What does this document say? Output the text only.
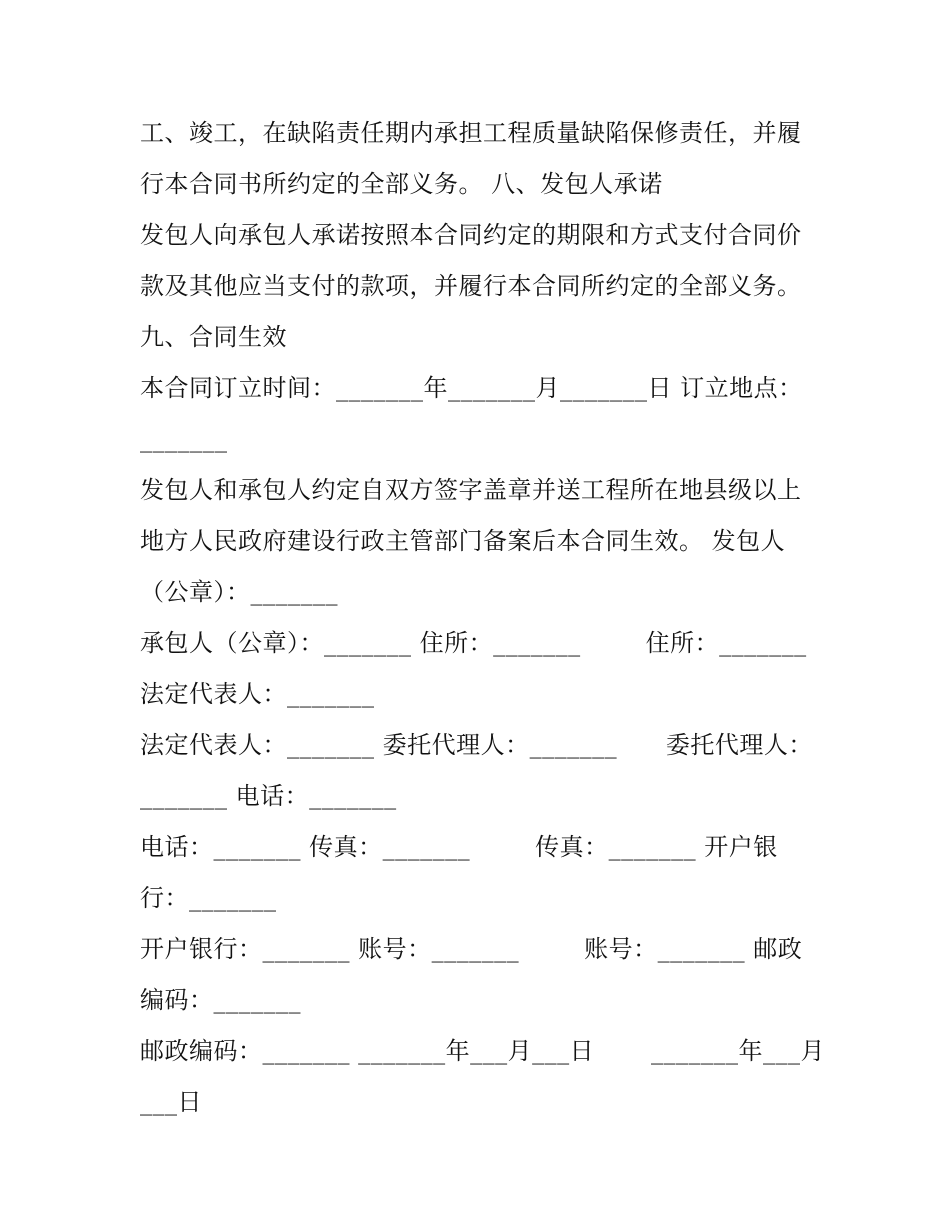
工、竣工，在缺陷责任期内承担工程质量缺陷保修责任，并履
行本合同书所约定的全部义务。 八、发包人承诺
发包人向承包人承诺按照本合同约定的期限和方式支付合同价
款及其他应当支付的款项，并履行本合同所约定的全部义务。
九、合同生效
本合同订立时间：_______年_______月_______日 订立地点：
_______
发包人和承包人约定自双方签字盖章并送工程所在地县级以上
地方人民政府建设行政主管部门备案后本合同生效。 发包人
（公章）：_______
承包人（公章）：_______ 住所：_______        住所：_______
法定代表人：_______
法定代表人：_______ 委托代理人：_______      委托代理人：
_______ 电话：_______
电话：_______ 传真：_______        传真：_______ 开户银
行：_______
开户银行：_______ 账号：_______        账号：_______ 邮政
编码：_______
邮政编码：_______ _______年___月___日       _______年___月
___日
